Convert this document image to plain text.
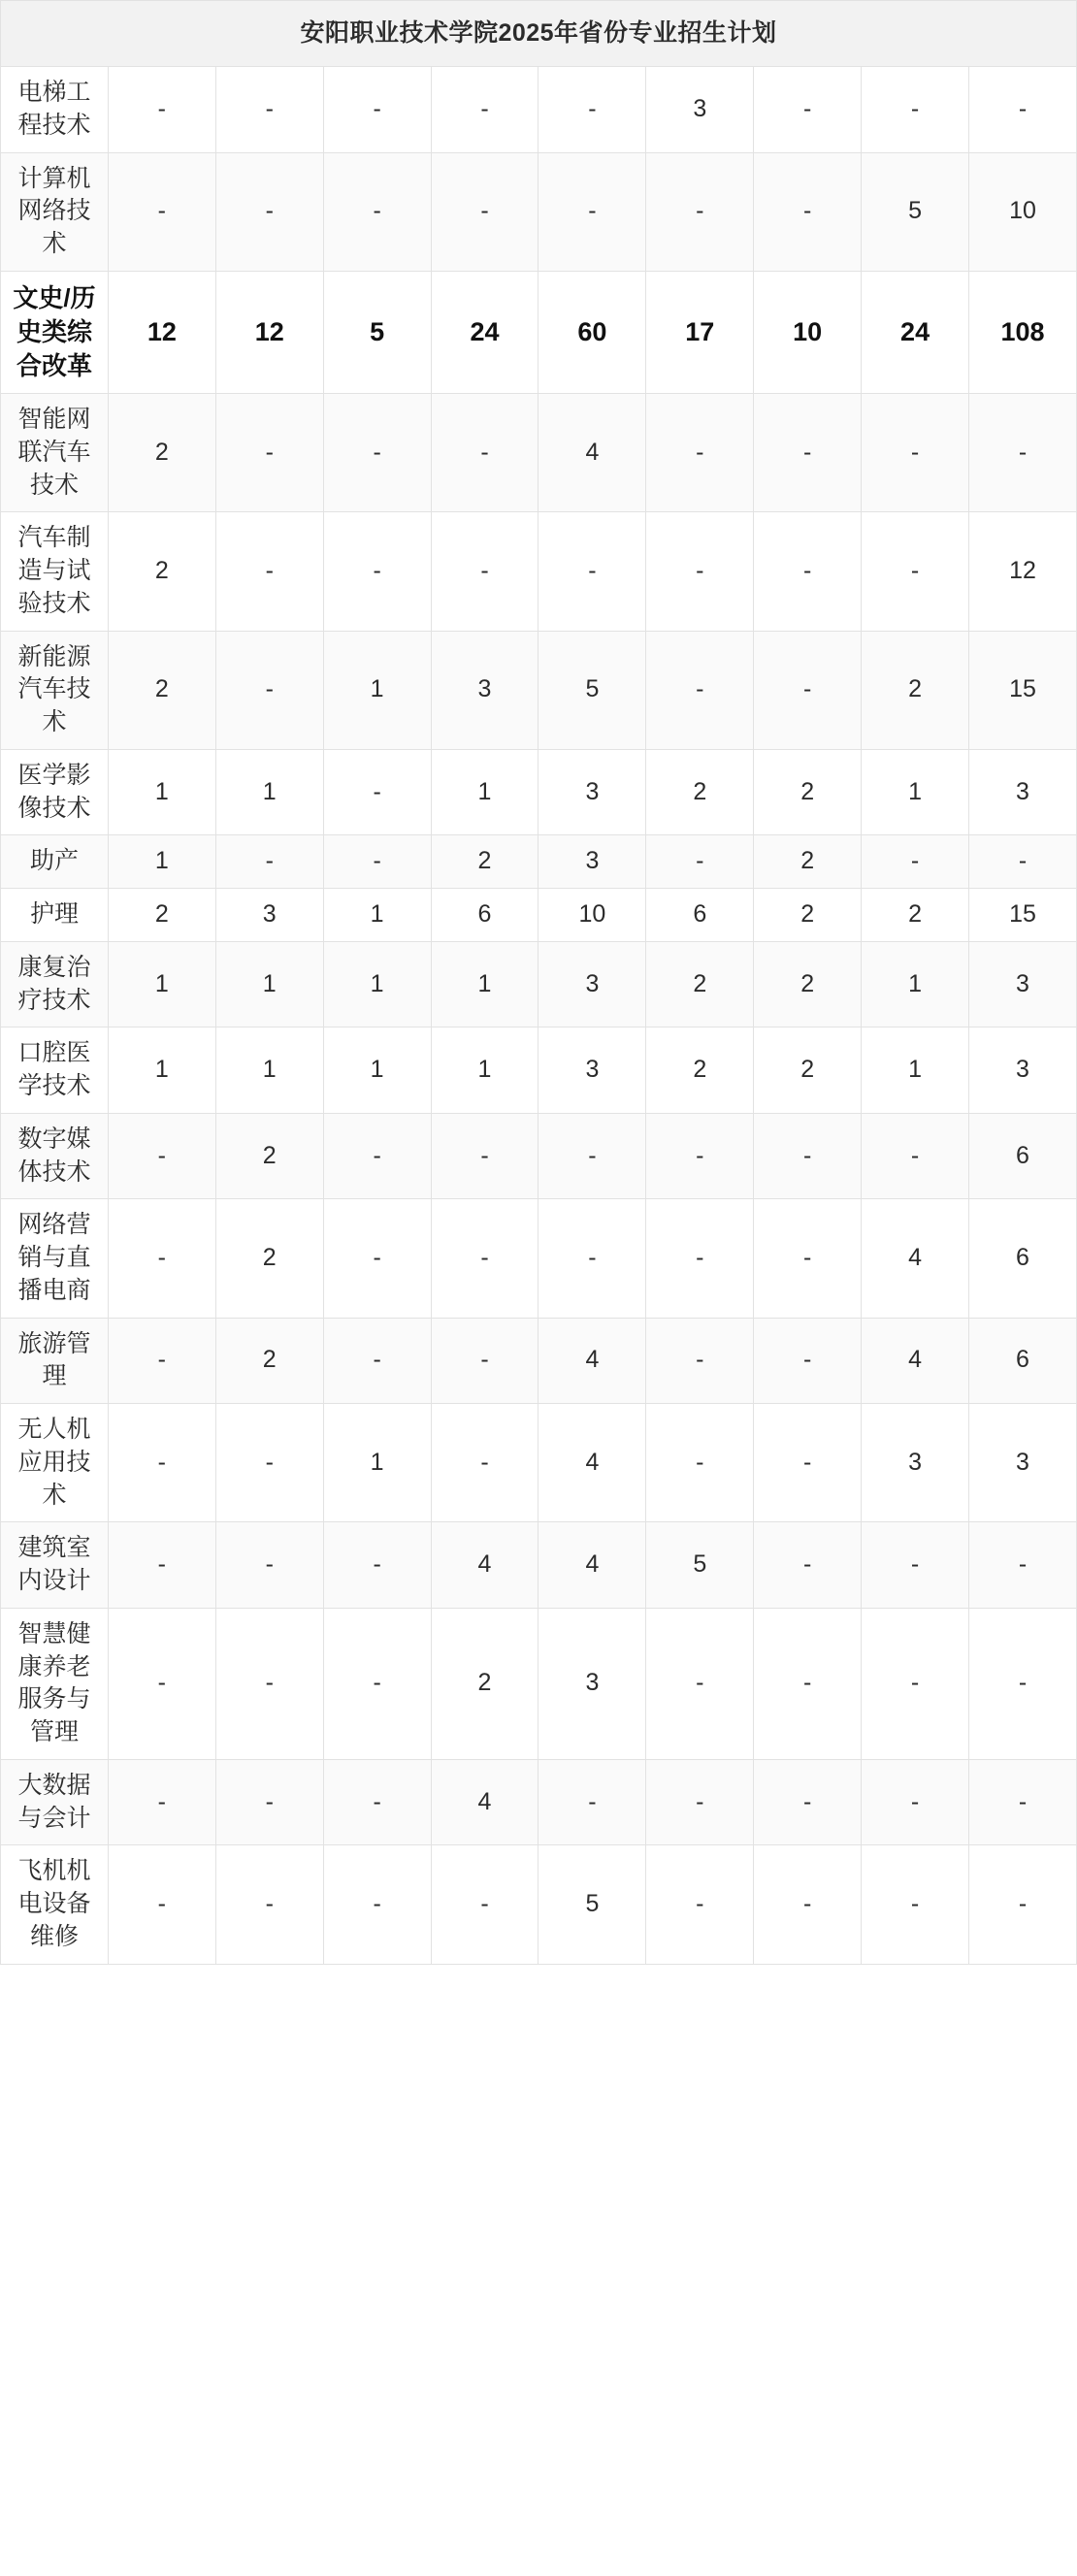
安阳职业技术学院2025年省份专业招生计划									
电梯工程技术	-	-	-	-	-	3	-	-	-
计算机网络技术	-	-	-	-	-	-	-	5	10
文史/历史类综合改革	12	12	5	24	60	17	10	24	108
智能网联汽车技术	2	-	-	-	4	-	-	-	-
汽车制造与试验技术	2	-	-	-	-	-	-	-	12
新能源汽车技术	2	-	1	3	5	-	-	2	15
医学影像技术	1	1	-	1	3	2	2	1	3
助产	1	-	-	2	3	-	2	-	-
护理	2	3	1	6	10	6	2	2	15
康复治疗技术	1	1	1	1	3	2	2	1	3
口腔医学技术	1	1	1	1	3	2	2	1	3
数字媒体技术	-	2	-	-	-	-	-	-	6
网络营销与直播电商	-	2	-	-	-	-	-	4	6
旅游管理	-	2	-	-	4	-	-	4	6
无人机应用技术	-	-	1	-	4	-	-	3	3
建筑室内设计	-	-	-	4	4	5	-	-	-
智慧健康养老服务与管理	-	-	-	2	3	-	-	-	-
大数据与会计	-	-	-	4	-	-	-	-	-
飞机机电设备维修	-	-	-	-	5	-	-	-	-
